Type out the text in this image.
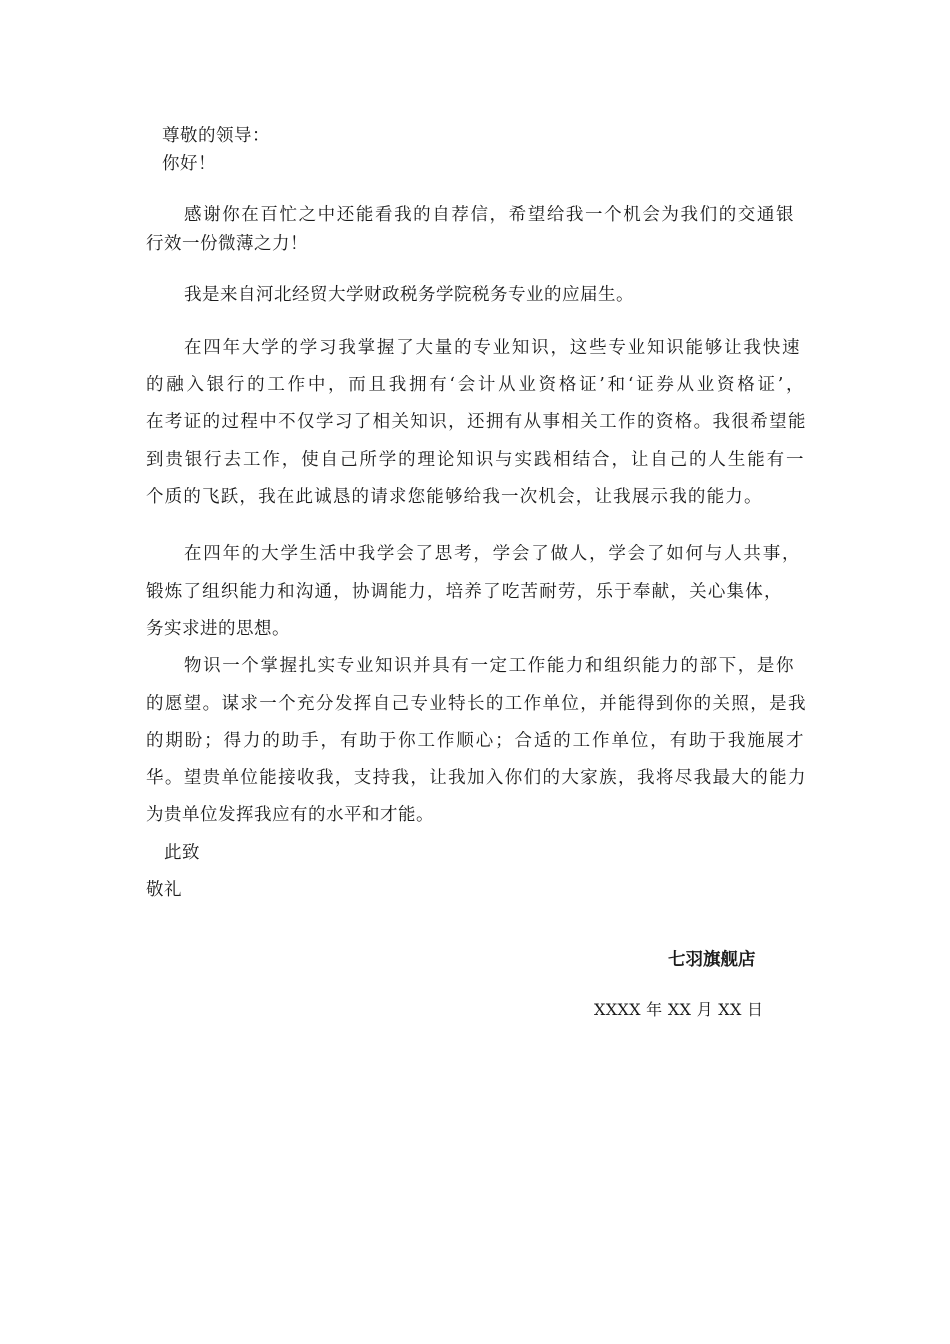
尊敬的领导：
你好！
感谢你在百忙之中还能看我的自荐信，希望给我一个机会为我们的交通银
行效一份微薄之力！
我是来自河北经贸大学财政税务学院税务专业的应届生。
在四年大学的学习我掌握了大量的专业知识，这些专业知识能够让我快速
的融入银行的工作中，而且我拥有‘会计从业资格证’和‘证券从业资格证’，
在考证的过程中不仅学习了相关知识，还拥有从事相关工作的资格。我很希望能
到贵银行去工作，使自己所学的理论知识与实践相结合，让自己的人生能有一
个质的飞跃，我在此诚恳的请求您能够给我一次机会，让我展示我的能力。
在四年的大学生活中我学会了思考，学会了做人，学会了如何与人共事，
锻炼了组织能力和沟通，协调能力，培养了吃苦耐劳，乐于奉献，关心集体，
务实求进的思想。
物识一个掌握扎实专业知识并具有一定工作能力和组织能力的部下，是你
的愿望。谋求一个充分发挥自己专业特长的工作单位，并能得到你的关照，是我
的期盼；得力的助手，有助于你工作顺心；合适的工作单位，有助于我施展才
华。望贵单位能接收我，支持我，让我加入你们的大家族，我将尽我最大的能力
为贵单位发挥我应有的水平和才能。
此致
敬礼
七羽旗舰店
XXXX 年 XX 月 XX 日
